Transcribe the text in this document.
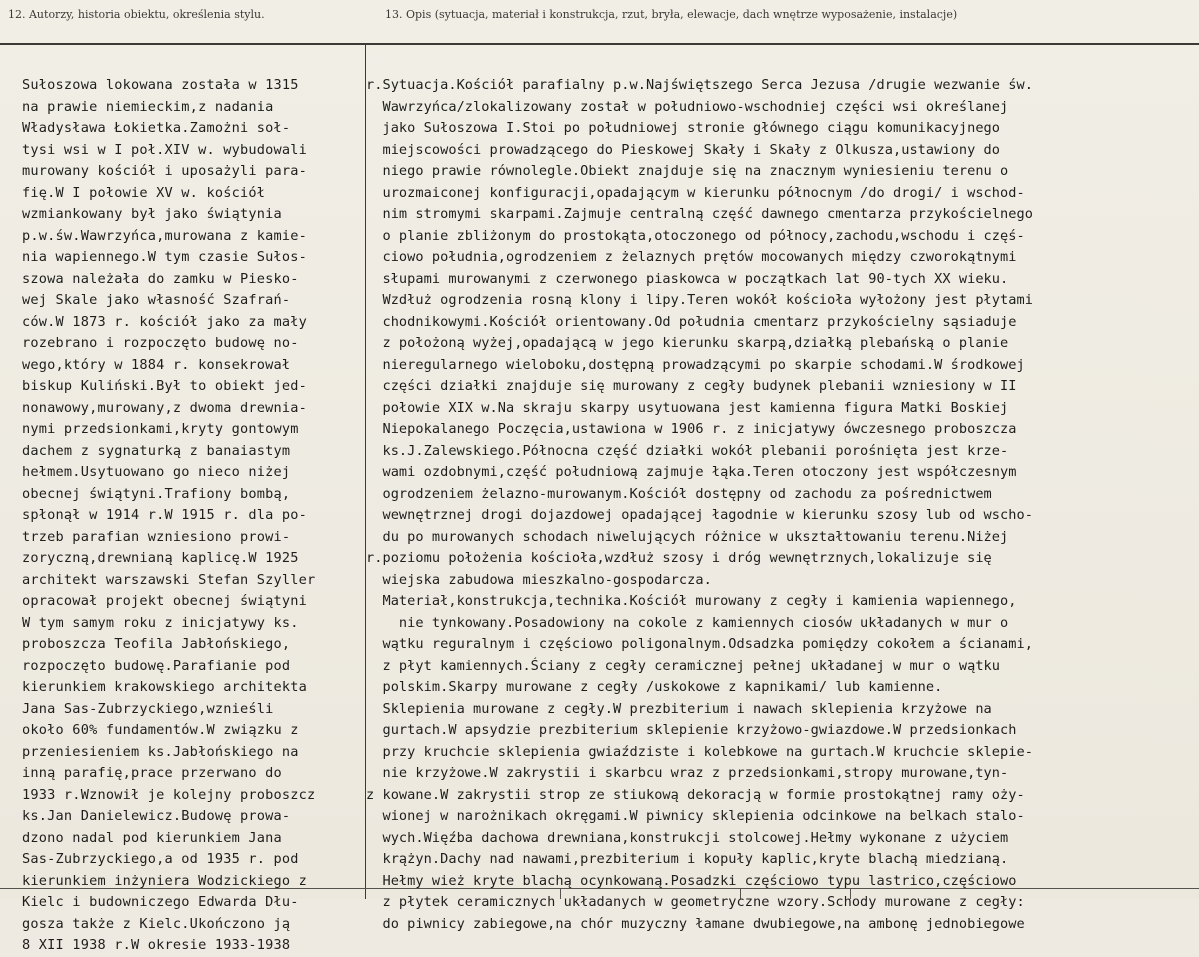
12. Autorzy, historia obiektu, określenia stylu.	13. Opis (sytuacja, materiał i konstrukcja, rzut, bryła, elewacje, dach wnętrze wyposażenie, instalacje)
Sułoszowa lokowana została w 1315
na prawie niemieckim,z nadania
Władysława Łokietka.Zamożni soł-
tysi wsi w I poł.XIV w. wybudowali
murowany kościół i uposażyli para-
fię.W I połowie XV w. kościół
wzmiankowany był jako świątynia
p.w.św.Wawrzyńca,murowana z kamie-
nia wapiennego.W tym czasie Sułos-
szowa należała do zamku w Piesko-
wej Skale jako własność Szafrań-
ców.W 1873 r. kościół jako za mały
rozebrano i rozpoczęto budowę no-
wego,który w 1884 r. konsekrował
biskup Kuliński.Był to obiekt jed-
nonawowy,murowany,z dwoma drewnia-
nymi przedsionkami,kryty gontowym
dachem z sygnaturką z banaiastym
hełmem.Usytuowano go nieco niżej
obecnej świątyni.Trafiony bombą,
spłonął w 1914 r.W 1915 r. dla po-
trzeb parafian wzniesiono prowi-
zoryczną,drewnianą kaplicę.W 1925
architekt warszawski Stefan Szyller
opracował projekt obecnej świątyni
W tym samym roku z inicjatywy ks.
proboszcza Teofila Jabłońskiego,
rozpoczęto budowę.Parafianie pod
kierunkiem krakowskiego architekta
Jana Sas-Zubrzyckiego,wznieśli
około 60% fundamentów.W związku z
przeniesieniem ks.Jabłońskiego na
inną parafię,prace przerwano do
1933 r.Wznowił je kolejny proboszcz
ks.Jan Danielewicz.Budowę prowa-
dzono nadal pod kierunkiem Jana
Sas-Zubrzyckiego,a od 1935 r. pod
kierunkiem inżyniera Wodzickiego z
Kielc i budowniczego Edwarda Dłu-
gosza także z Kielc.Ukończono ją
8 XII 1938 r.W okresie 1933-1938
r.Sytuacja.Kościół parafialny p.w.Najświętszego Serca Jezusa /drugie wezwanie św.
Wawrzyńca/zlokalizowany został w południowo-wschodniej części wsi określanej
jako Sułoszowa I.Stoi po południowej stronie głównego ciągu komunikacyjnego
miejscowości prowadzącego do Pieskowej Skały i Skały z Olkusza,ustawiony do
niego prawie równolegle.Obiekt znajduje się na znacznym wyniesieniu terenu o
urozmaiconej konfiguracji,opadającym w kierunku północnym /do drogi/ i wschod-
nim stromymi skarpami.Zajmuje centralną część dawnego cmentarza przykościelnego
o planie zbliżonym do prostokąta,otoczonego od północy,zachodu,wschodu i częś-
ciowo południa,ogrodzeniem z żelaznych prętów mocowanych między czworokątnymi
słupami murowanymi z czerwonego piaskowca w początkach lat 90-tych XX wieku.
Wzdłuż ogrodzenia rosną klony i lipy.Teren wokół kościoła wyłożony jest płytami
chodnikowymi.Kościół orientowany.Od południa cmentarz przykościelny sąsiaduje
z położoną wyżej,opadającą w jego kierunku skarpą,działką plebańską o planie
nieregularnego wieloboku,dostępną prowadzącymi po skarpie schodami.W środkowej
części działki znajduje się murowany z cegły budynek plebanii wzniesiony w II
połowie XIX w.Na skraju skarpy usytuowana jest kamienna figura Matki Boskiej
Niepokalanego Poczęcia,ustawiona w 1906 r. z inicjatywy ówczesnego proboszcza
ks.J.Zalewskiego.Północna część działki wokół plebanii porośnięta jest krze-
wami ozdobnymi,część południową zajmuje łąka.Teren otoczony jest współczesnym
ogrodzeniem żelazno-murowanym.Kościół dostępny od zachodu za pośrednictwem
wewnętrznej drogi dojazdowej opadającej łagodnie w kierunku szosy lub od wscho-
du po murowanych schodach niwelujących różnice w ukształtowaniu terenu.Niżej
r.poziomu położenia kościoła,wzdłuż szosy i dróg wewnętrznych,lokalizuje się
wiejska zabudowa mieszkalno-gospodarcza.
Materiał,konstrukcja,technika.Kościół murowany z cegły i kamienia wapiennego,
nie tynkowany.Posadowiony na cokole z kamiennych ciosów układanych w mur o
wątku reguralnym i częściowo poligonalnym.Odsadzka pomiędzy cokołem a ścianami,
z płyt kamiennych.Ściany z cegły ceramicznej pełnej układanej w mur o wątku
polskim.Skarpy murowane z cegły /uskokowe z kapnikami/ lub kamienne.
Sklepienia murowane z cegły.W prezbiterium i nawach sklepienia krzyżowe na
gurtach.W apsydzie prezbiterium sklepienie krzyżowo-gwiazdowe.W przedsionkach
przy kruchcie sklepienia gwiaździste i kolebkowe na gurtach.W kruchcie sklepie-
nie krzyżowe.W zakrystii i skarbcu wraz z przedsionkami,stropy murowane,tyn-
z kowane.W zakrystii strop ze stiukową dekoracją w formie prostokątnej ramy oży-
wionej w narożnikach okręgami.W piwnicy sklepienia odcinkowe na belkach stalo-
wych.Więźba dachowa drewniana,konstrukcji stolcowej.Hełmy wykonane z użyciem
krążyn.Dachy nad nawami,prezbiterium i kopuły kaplic,kryte blachą miedzianą.
Hełmy wież kryte blachą ocynkowaną.Posadzki częściowo typu lastrico,częściowo
z płytek ceramicznych układanych w geometryczne wzory.Schody murowane z cegły:
do piwnicy zabiegowe,na chór muzyczny łamane dwubiegowe,na ambonę jednobiegowe
